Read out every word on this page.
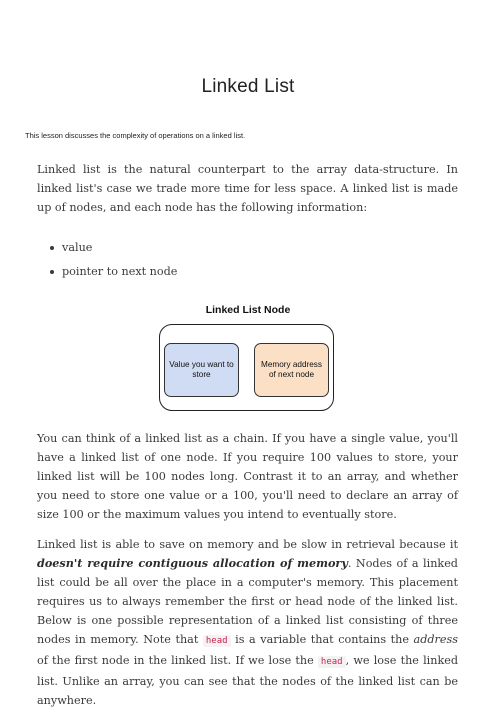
Linked List
This lesson discusses the complexity of operations on a linked list.

Linked list is the natural counterpart to the array data-structure. In linked list's case we trade more time for less space. A linked list is made up of nodes, and each node has the following information:

value
pointer to next node
Linked List Node
Value you want to store
Memory address of next node

You can think of a linked list as a chain. If you have a single value, you'll have a linked list of one node. If you require 100 values to store, your linked list will be 100 nodes long. Contrast it to an array, and whether you need to store one value or a 100, you'll need to declare an array of size 100 or the maximum values you intend to eventually store.

Linked list is able to save on memory and be slow in retrieval because it doesn't require contiguous allocation of memory. Nodes of a linked list could be all over the place in a computer's memory. This placement requires us to always remember the first or head node of the linked list. Below is one possible representation of a linked list consisting of three nodes in memory. Note that head is a variable that contains the address of the first node in the linked list. If we lose the head , we lose the linked list. Unlike an array, you can see that the nodes of the linked list can be anywhere.
